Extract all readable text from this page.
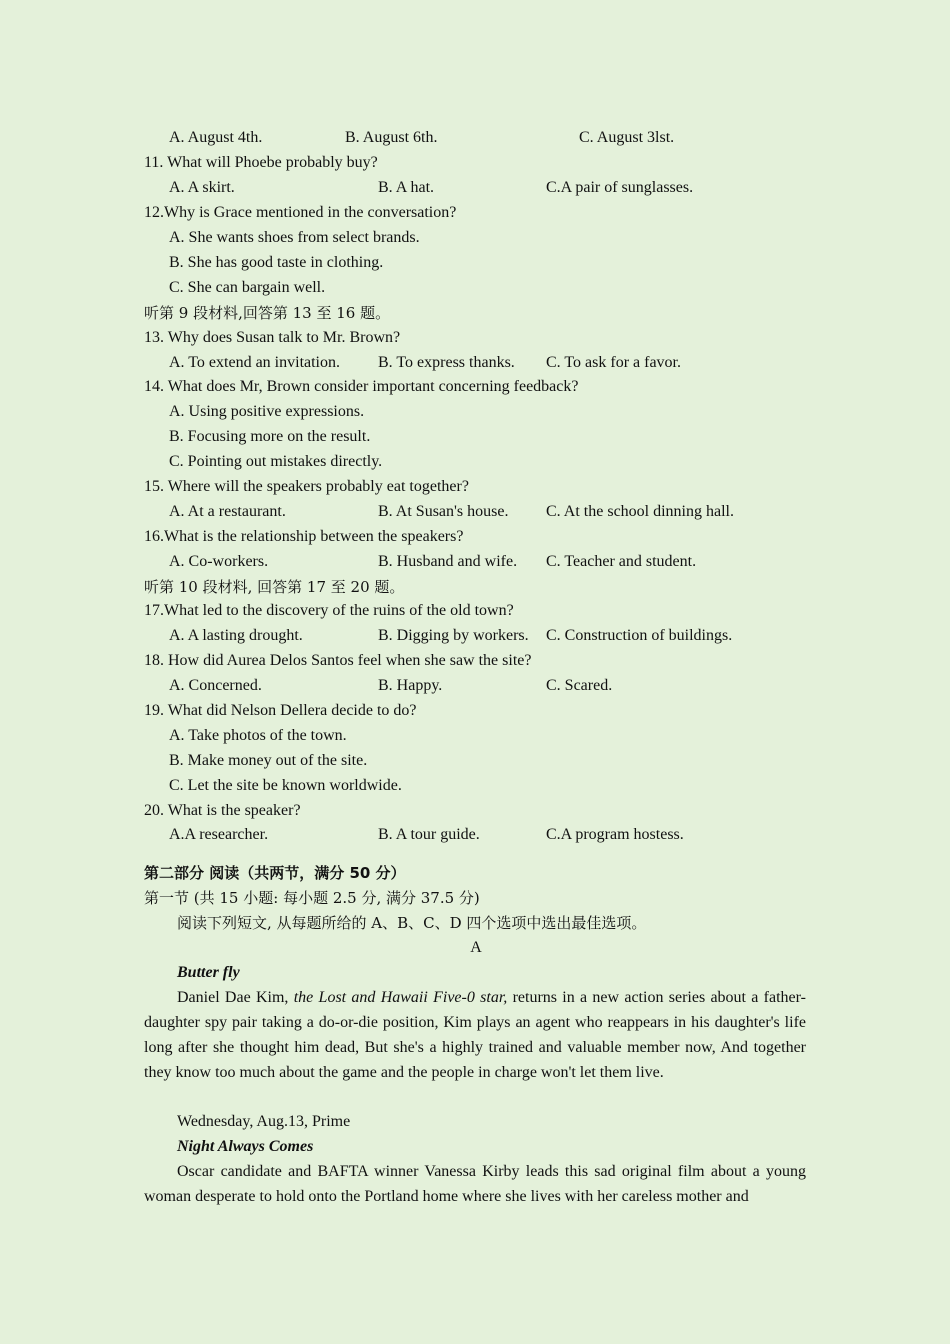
A. August 4th.	B. August 6th.	C. August 3lst.
11. What will Phoebe probably buy?
A. A skirt.	B. A hat.	C.A pair of sunglasses.
12.Why is Grace mentioned in the conversation?
A. She wants shoes from select brands.
B. She has good taste in clothing.
C. She can bargain well.
听第 9 段材料,回答第 13 至 16 题。
13. Why does Susan talk to Mr. Brown?
A. To extend an invitation. B. To express thanks. C. To ask for a favor.
14. What does Mr, Brown consider important concerning feedback?
A. Using positive expressions.
B. Focusing more on the result.
C. Pointing out mistakes directly.
15. Where will the speakers probably eat together?
A. At a restaurant.	B. At Susan's house. C. At the school dinning hall.
16.What is the relationship between the speakers?
A. Co-workers.	B. Husband and wife. C. Teacher and student.
听第 10 段材料, 回答第 17 至 20 题。
17.What led to the discovery of the ruins of the old town?
A. A lasting drought.	B. Digging by workers. C. Construction of buildings.
18. How did Aurea Delos Santos feel when she saw the site?
A. Concerned.	B. Happy.	C. Scared.
19. What did Nelson Dellera decide to do?
A. Take photos of the town.
B. Make money out of the site.
C. Let the site be known worldwide.
20. What is the speaker?
A.A researcher.	B. A tour guide.	C.A program hostess.
第二部分 阅读（共两节，满分 50 分）
第一节 (共 15 小题: 每小题 2.5 分, 满分 37.5 分)
阅读下列短文, 从每题所给的 A、B、C、D 四个选项中选出最佳选项。
A
Butter fly
Daniel Dae Kim, the Lost and Hawaii Five-0 star, returns in a new action series about a father-daughter spy pair taking a do-or-die position, Kim plays an agent who reappears in his daughter's life long after she thought him dead, But she's a highly trained and valuable member now, And together they know too much about the game and the people in charge won't let them live.
Wednesday, Aug.13, Prime
Night Always Comes
Oscar candidate and BAFTA winner Vanessa Kirby leads this sad original film about a young woman desperate to hold onto the Portland home where she lives with her careless mother and
